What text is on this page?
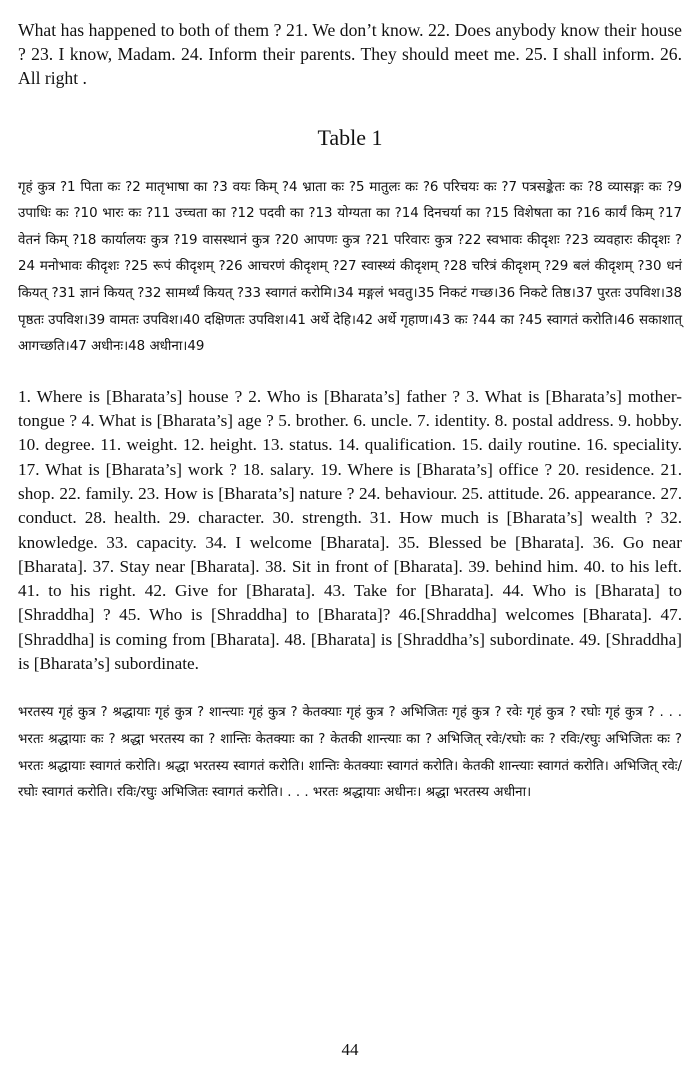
What has happened to both of them ? 21. We don’t know. 22. Does anybody know their house ? 23. I know, Madam. 24. Inform their parents. They should meet me. 25. I shall inform. 26. All right .

Table 1

गृहं कुत्र ?1 पिता कः ?2 मातृभाषा का ?3 वयः किम् ?4 भ्राता कः ?5 मातुलः कः ?6 परिचयः कः ?7 पत्रसङ्केतः कः ?8 व्यासङ्गः कः ?9 उपाधिः कः ?10 भारः कः ?11 उच्चता का ?12 पदवी का ?13 योग्यता का ?14 दिनचर्या का ?15 विशेषता का ?16 कार्यं किम् ?17 वेतनं किम् ?18 कार्यालयः कुत्र ?19 वासस्थानं कुत्र ?20 आपणः कुत्र ?21 परिवारः कुत्र ?22 स्वभावः कीदृशः ?23 व्यवहारः कीदृशः ?24 मनोभावः कीदृशः ?25 रूपं कीदृशम् ?26 आचरणं कीदृशम् ?27 स्वास्थ्यं कीदृशम् ?28 चरित्रं कीदृशम् ?29 बलं कीदृशम् ?30 धनं कियत् ?31 ज्ञानं कियत् ?32 सामर्थ्यं कियत् ?33 स्वागतं करोमि।34 मङ्गलं भवतु।35 निकटं गच्छ।36 निकटे तिष्ठ।37 पुरतः उपविश।38 पृष्ठतः उपविश।39 वामतः उपविश।40 दक्षिणतः उपविश।41 अर्थे देहि।42 अर्थे गृहाण।43 कः ?44 का ?45 स्वागतं करोति।46 सकाशात् आगच्छति।47 अधीनः।48 अधीना।49

1. Where is [Bharata’s] house ? 2. Who is [Bharata’s] father ? 3. What is [Bharata’s] mother-tongue ? 4. What is [Bharata’s] age ? 5. brother. 6. uncle. 7. identity. 8. postal address. 9. hobby. 10. degree. 11. weight. 12. height. 13. status. 14. qualification. 15. daily routine. 16. speciality. 17. What is [Bharata’s] work ? 18. salary. 19. Where is [Bharata’s] office ? 20. residence. 21. shop. 22. family. 23. How is [Bharata’s] nature ? 24. behaviour. 25. attitude. 26. appearance. 27. conduct. 28. health. 29. character. 30. strength. 31. How much is [Bharata’s] wealth ? 32. knowledge. 33. capacity. 34. I welcome [Bharata]. 35. Blessed be [Bharata]. 36. Go near [Bharata]. 37. Stay near [Bharata]. 38. Sit in front of [Bharata]. 39. behind him. 40. to his left. 41. to his right. 42. Give for [Bharata]. 43. Take for [Bharata]. 44. Who is [Bharata] to [Shraddha] ? 45. Who is [Shraddha] to [Bharata]? 46.[Shraddha] welcomes [Bharata]. 47. [Shraddha] is coming from [Bharata]. 48. [Bharata] is [Shraddha’s] subordinate. 49. [Shraddha] is [Bharata’s] subordinate.

भरतस्य गृहं कुत्र ? श्रद्धायाः गृहं कुत्र ? शान्त्याः गृहं कुत्र ? केतक्याः गृहं कुत्र ? अभिजितः गृहं कुत्र ? रवेः गृहं कुत्र ? रघोः गृहं कुत्र ? . . . भरतः श्रद्धायाः कः ? श्रद्धा भरतस्य का ? शान्तिः केतक्याः का ? केतकी शान्त्याः का ? अभिजित् रवेः/रघोः कः ? रविः/रघुः अभिजितः कः ? भरतः श्रद्धायाः स्वागतं करोति। श्रद्धा भरतस्य स्वागतं करोति। शान्तिः केतक्याः स्वागतं करोति। केतकी शान्त्याः स्वागतं करोति। अभिजित् रवेः/रघोः स्वागतं करोति। रविः/रघुः अभिजितः स्वागतं करोति। . . . भरतः श्रद्धायाः अधीनः। श्रद्धा भरतस्य अधीना।

44
